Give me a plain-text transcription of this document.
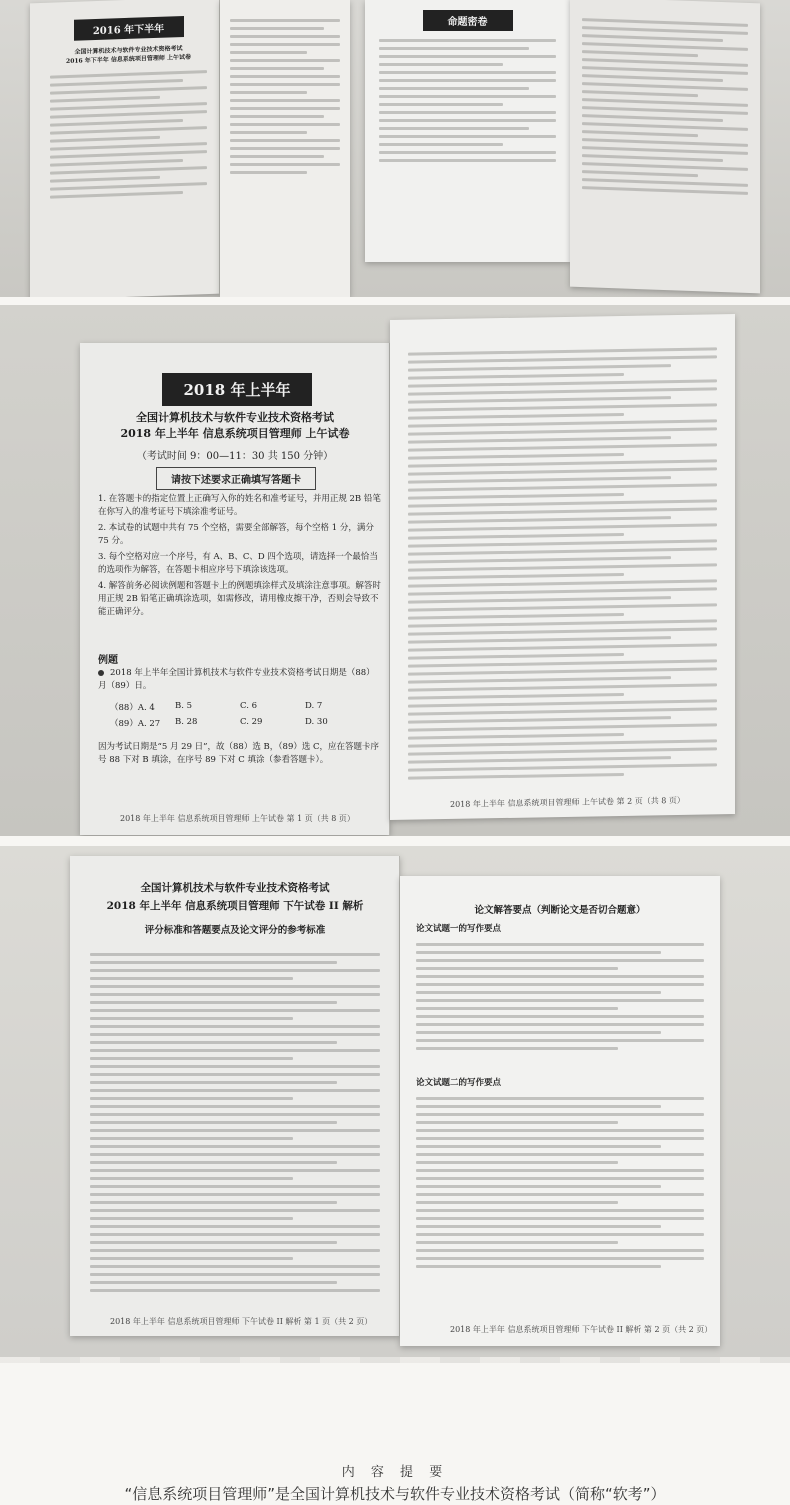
2016 年下半年
全国计算机技术与软件专业技术资格考试
2016 年下半年 信息系统项目管理师 上午试卷
命题密卷
2018 年上半年
全国计算机技术与软件专业技术资格考试
2018 年上半年 信息系统项目管理师 上午试卷
（考试时间 9：00—11：30 共 150 分钟）
请按下述要求正确填写答题卡
1. 在答题卡的指定位置上正确写入你的姓名和准考证号，并用正规 2B 铅笔在你写入的准考证号下填涂准考证号。
2. 本试卷的试题中共有 75 个空格，需要全部解答，每个空格 1 分，满分 75 分。
3. 每个空格对应一个序号，有 A、B、C、D 四个选项，请选择一个最恰当的选项作为解答，在答题卡相应序号下填涂该选项。
4. 解答前务必阅读例题和答题卡上的例题填涂样式及填涂注意事项。解答时用正规 2B 铅笔正确填涂选项，如需修改，请用橡皮擦干净，否则会导致不能正确评分。
例题
2018 年上半年全国计算机技术与软件专业技术资格考试日期是（88）月（89）日。
（88）A. 4	B. 5	C. 6	D. 7
（89）A. 27	B. 28	C. 29	D. 30
因为考试日期是“5 月 29 日”，故（88）选 B，（89）选 C，应在答题卡序号 88 下对 B 填涂，在序号 89 下对 C 填涂（参看答题卡）。
2018 年上半年 信息系统项目管理师 上午试卷 第 1 页（共 8 页）
2018 年上半年 信息系统项目管理师 上午试卷 第 2 页（共 8 页）
全国计算机技术与软件专业技术资格考试
2018 年上半年 信息系统项目管理师 下午试卷 II 解析
评分标准和答题要点及论文评分的参考标准
2018 年上半年 信息系统项目管理师 下午试卷 II 解析 第 1 页（共 2 页）
论文解答要点（判断论文是否切合题意）
论文试题一的写作要点
论文试题二的写作要点
2018 年上半年 信息系统项目管理师 下午试卷 II 解析 第 2 页（共 2 页）
内 容 提 要
“信息系统项目管理师”是全国计算机技术与软件专业技术资格考试（简称“软考”）
